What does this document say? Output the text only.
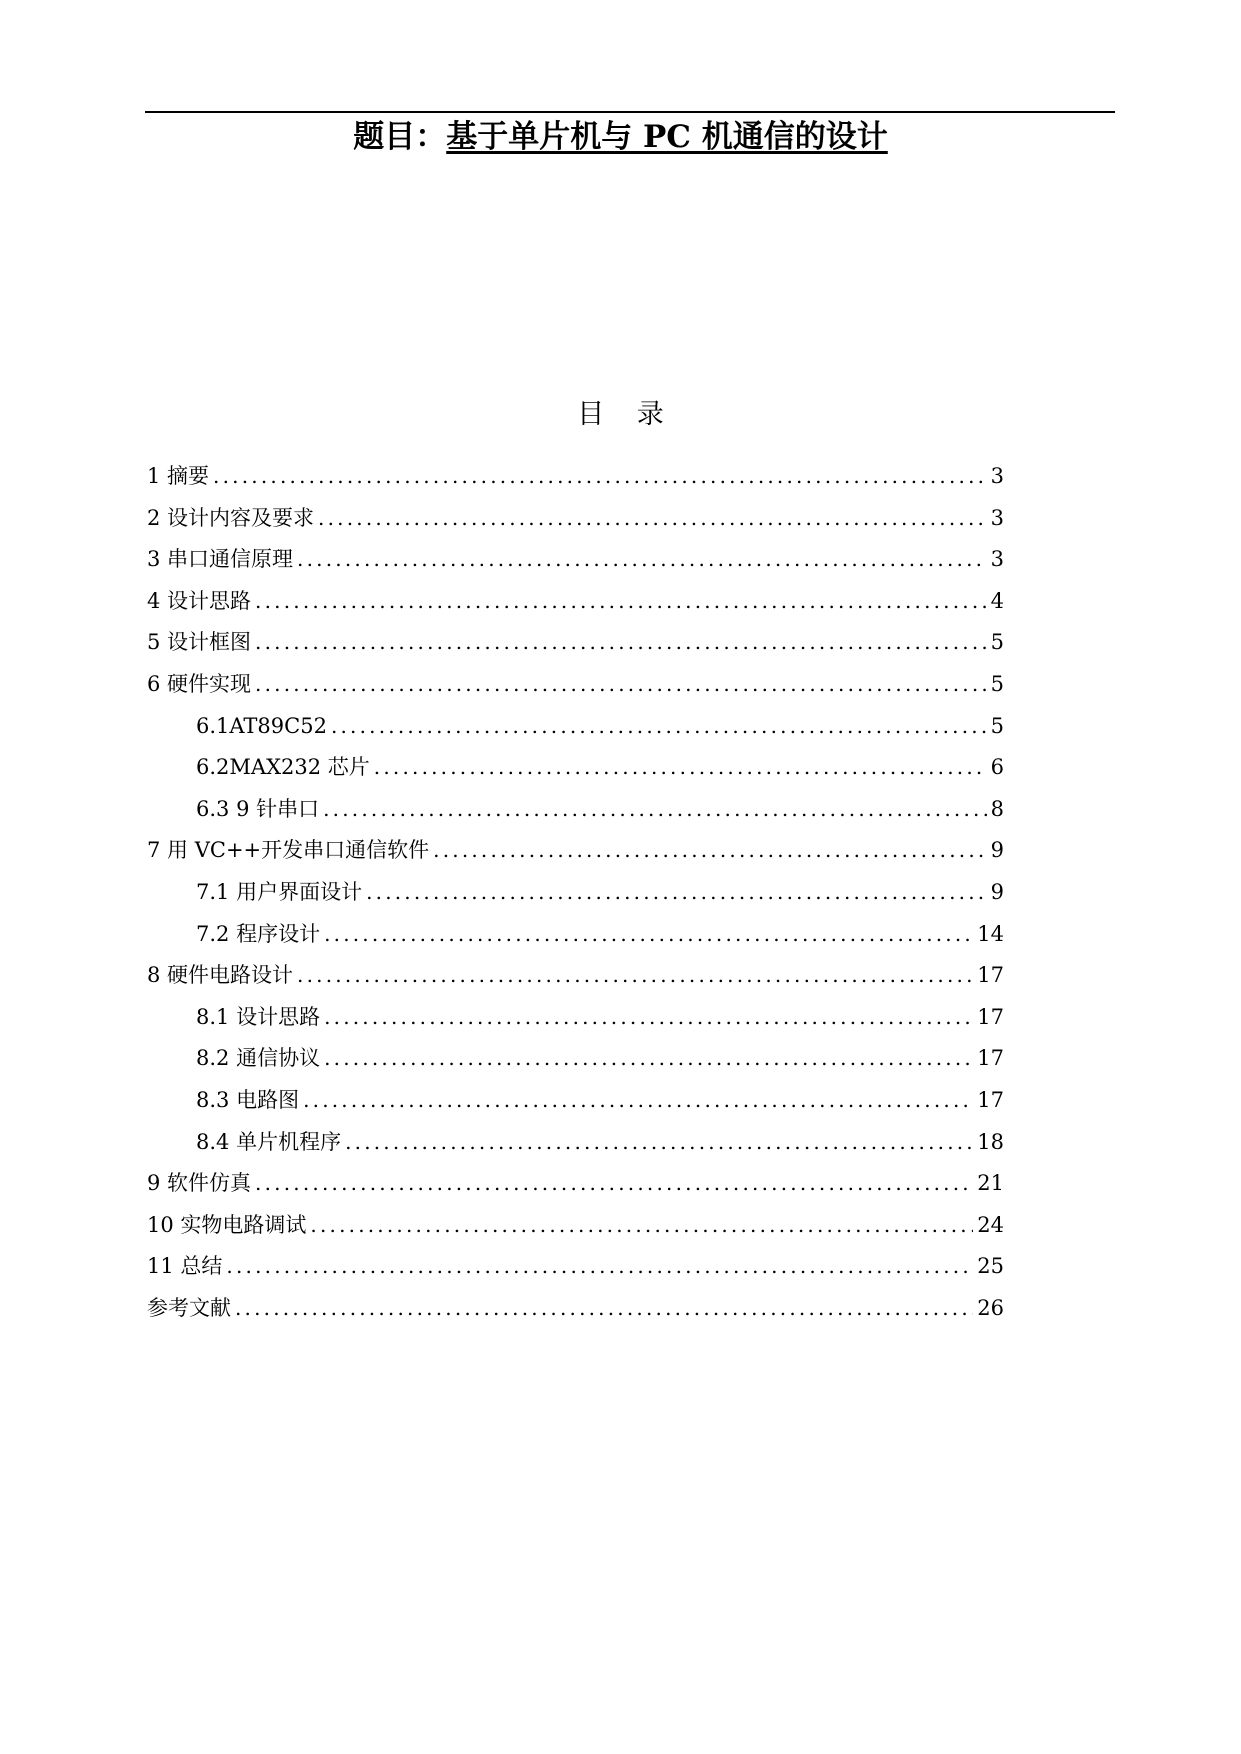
题目：基于单片机与 PC 机通信的设计
目 录
1 摘要 .....	3
2 设计内容及要求 .....	3
3 串口通信原理 .....	3
4 设计思路 .....	4
5 设计框图 .....	5
6 硬件实现 .....	5
6.1AT89C52 .....	5
6.2MAX232 芯片 .....	6
6.3 9 针串口 .....	8
7 用 VC++开发串口通信软件 .....	9
7.1 用户界面设计 .....	9
7.2 程序设计 .....	14
8 硬件电路设计 .....	17
8.1 设计思路 .....	17
8.2 通信协议 .....	17
8.3 电路图 .....	17
8.4 单片机程序 .....	18
9 软件仿真 .....	21
10 实物电路调试 .....	24
11 总结 .....	25
参考文献 .....	26
